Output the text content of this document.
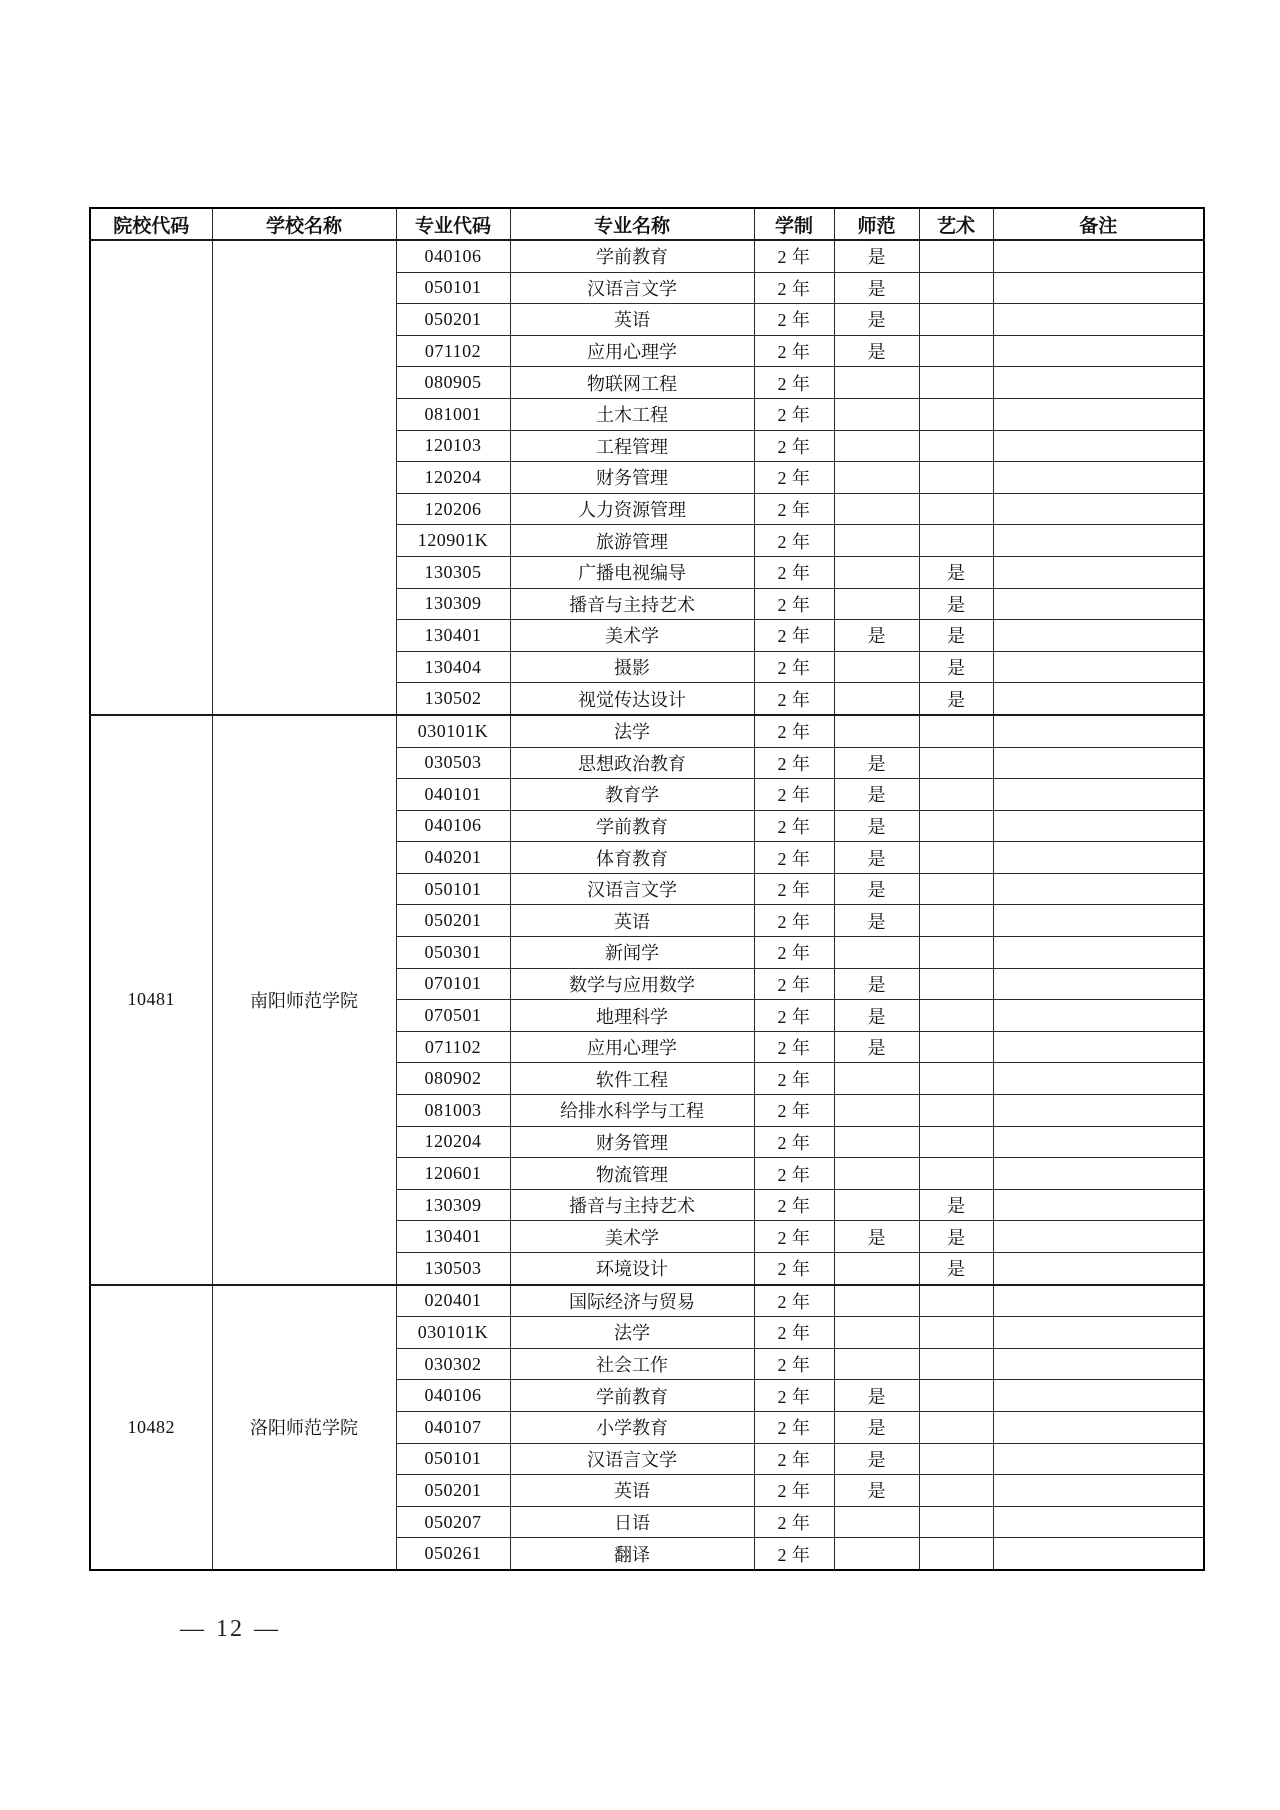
院校代码	学校名称	专业代码	专业名称	学制	师范	艺术	备注
		040106	学前教育	2 年	是		
		050101	汉语言文学	2 年	是		
		050201	英语	2 年	是		
		071102	应用心理学	2 年	是		
		080905	物联网工程	2 年			
		081001	土木工程	2 年			
		120103	工程管理	2 年			
		120204	财务管理	2 年			
		120206	人力资源管理	2 年			
		120901K	旅游管理	2 年			
		130305	广播电视编导	2 年		是	
		130309	播音与主持艺术	2 年		是	
		130401	美术学	2 年	是	是	
		130404	摄影	2 年		是	
		130502	视觉传达设计	2 年		是	
10481	南阳师范学院	030101K	法学	2 年			
		030503	思想政治教育	2 年	是		
		040101	教育学	2 年	是		
		040106	学前教育	2 年	是		
		040201	体育教育	2 年	是		
		050101	汉语言文学	2 年	是		
		050201	英语	2 年	是		
		050301	新闻学	2 年			
		070101	数学与应用数学	2 年	是		
		070501	地理科学	2 年	是		
		071102	应用心理学	2 年	是		
		080902	软件工程	2 年			
		081003	给排水科学与工程	2 年			
		120204	财务管理	2 年			
		120601	物流管理	2 年			
		130309	播音与主持艺术	2 年		是	
		130401	美术学	2 年	是	是	
		130503	环境设计	2 年		是	
10482	洛阳师范学院	020401	国际经济与贸易	2 年			
		030101K	法学	2 年			
		030302	社会工作	2 年			
		040106	学前教育	2 年	是		
		040107	小学教育	2 年	是		
		050101	汉语言文学	2 年	是		
		050201	英语	2 年	是		
		050207	日语	2 年			
		050261	翻译	2 年			
— 12 —
